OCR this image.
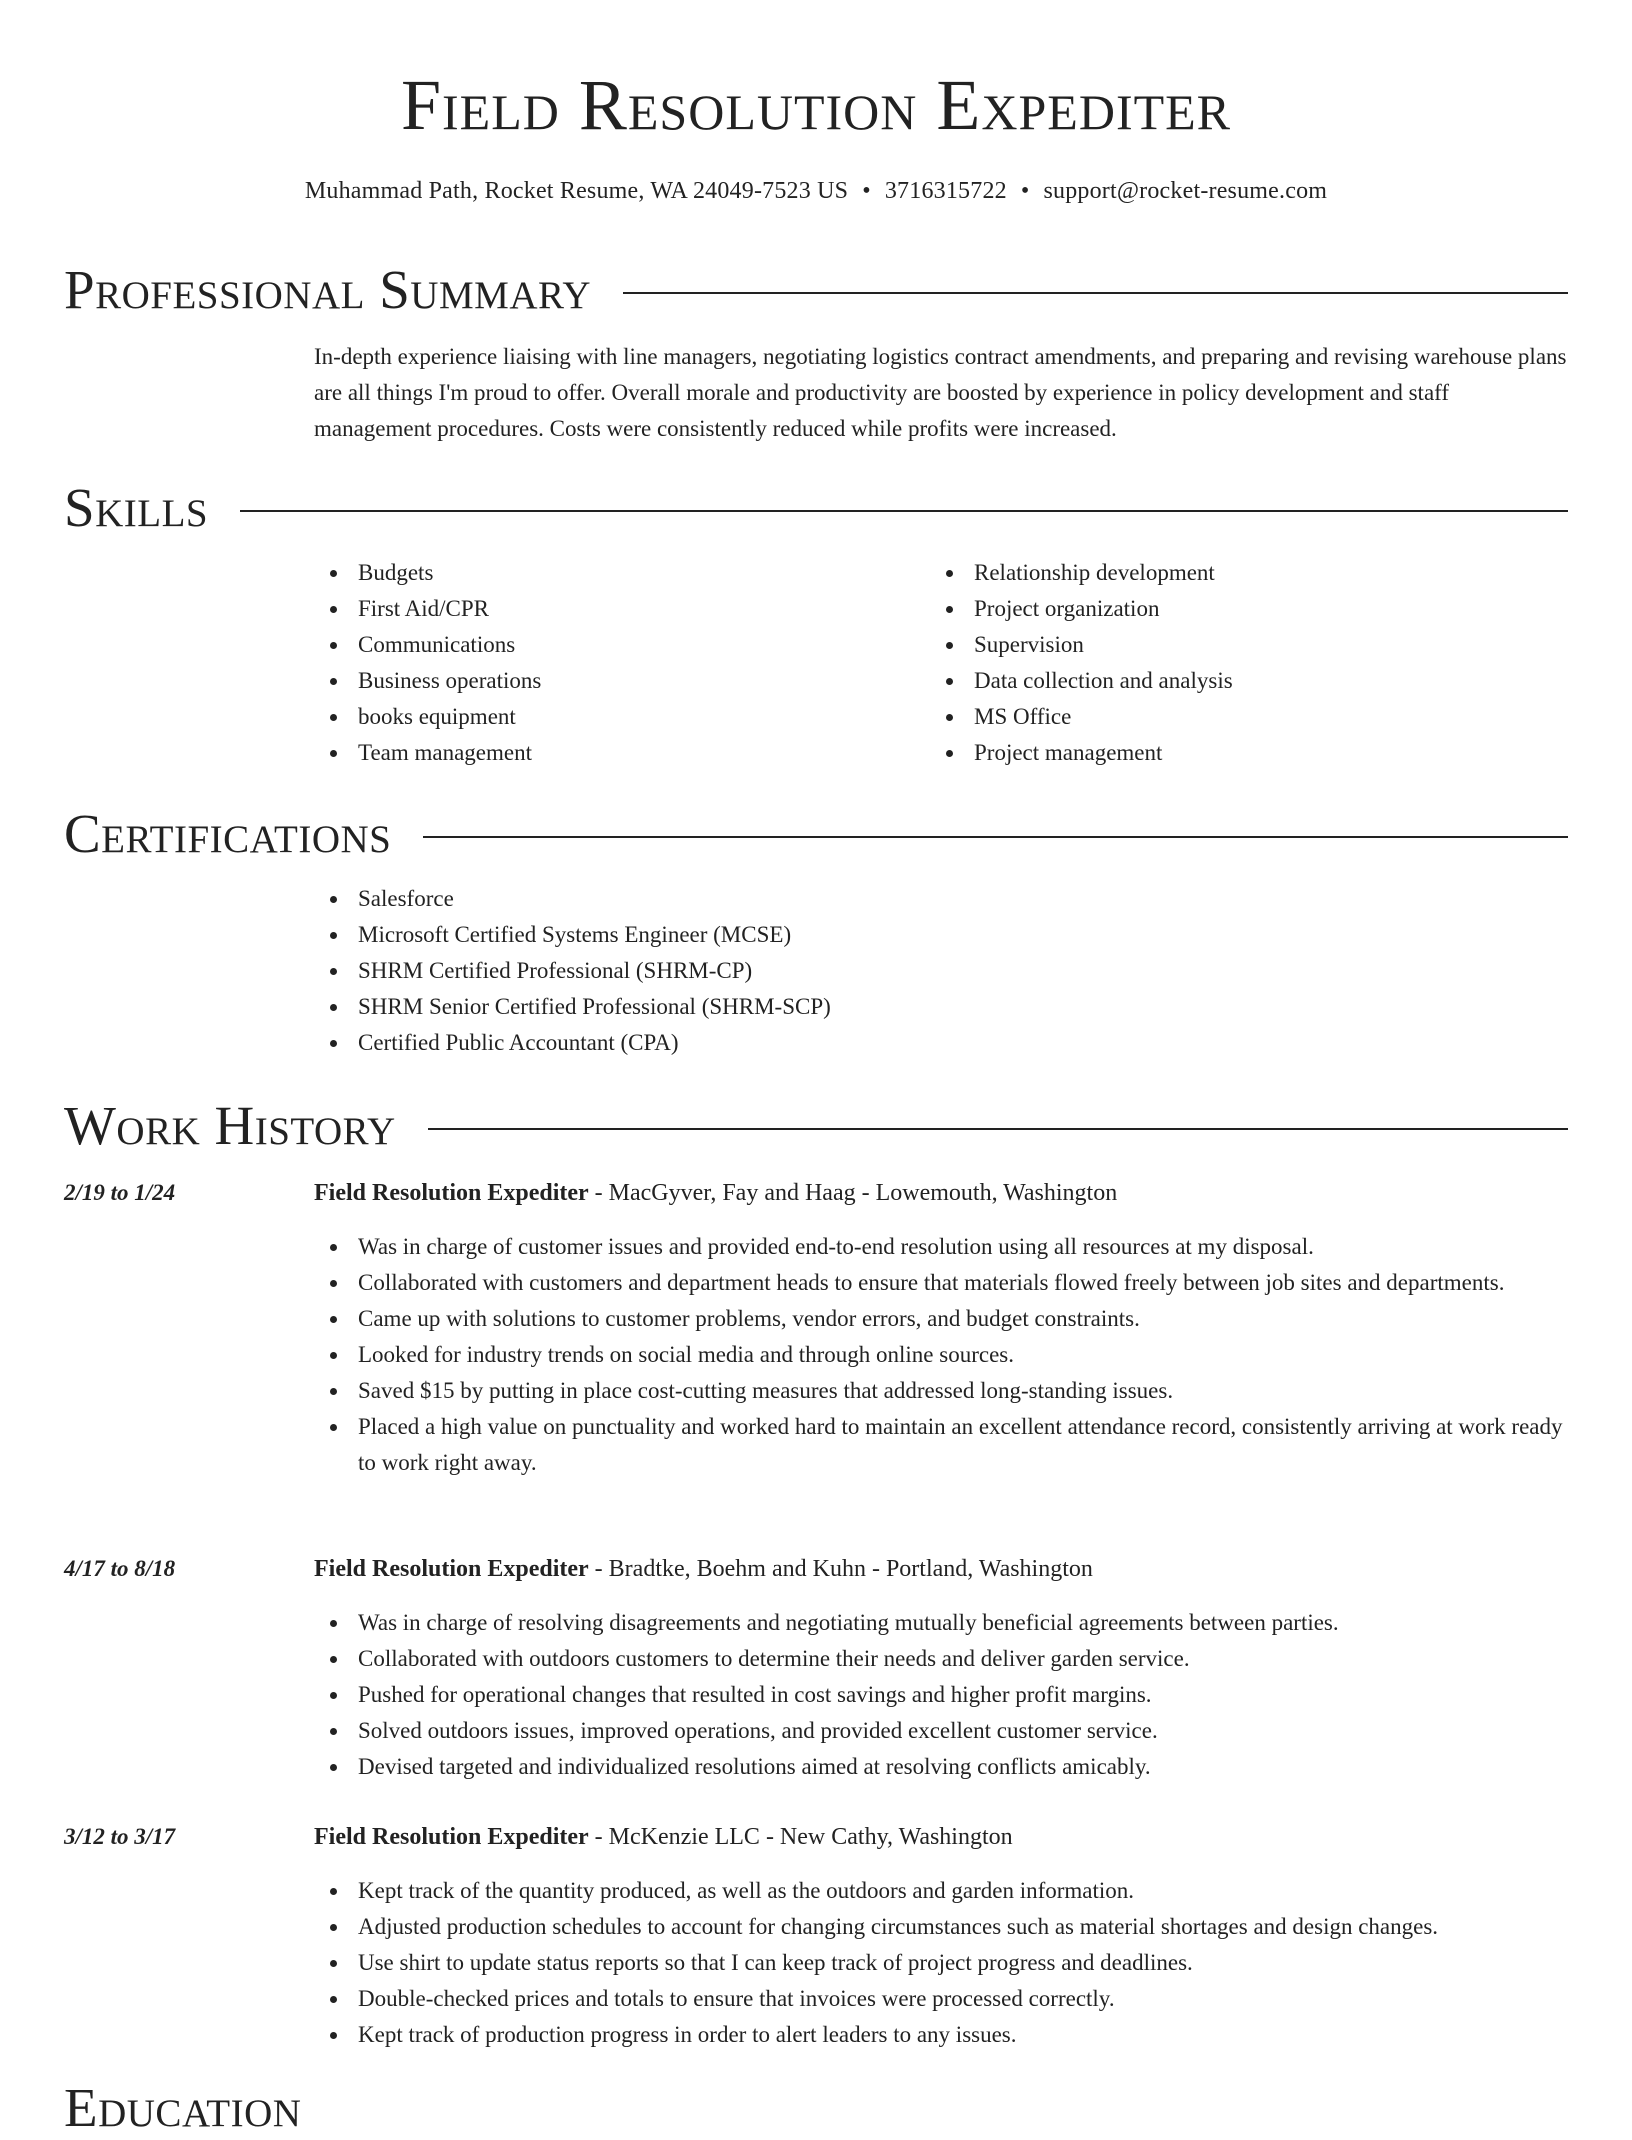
Field Resolution Expediter
Muhammad Path, Rocket Resume, WA 24049-7523 US • 3716315722 • support@rocket-resume.com
Professional Summary

In-depth experience liaising with line managers, negotiating logistics contract amendments, and preparing and revising warehouse plans are all things I'm proud to offer. Overall morale and productivity are boosted by experience in policy development and staff management procedures. Costs were consistently reduced while profits were increased.

Skills
Budgets
First Aid/CPR
Communications
Business operations
books equipment
Team management
Relationship development
Project organization
Supervision
Data collection and analysis
MS Office
Project management
Certifications
Salesforce
Microsoft Certified Systems Engineer (MCSE)
SHRM Certified Professional (SHRM-CP)
SHRM Senior Certified Professional (SHRM-SCP)
Certified Public Accountant (CPA)
Work History
2/19 to 1/24	Field Resolution Expediter - MacGyver, Fay and Haag - Lowemouth, Washington
Was in charge of customer issues and provided end-to-end resolution using all resources at my disposal.
Collaborated with customers and department heads to ensure that materials flowed freely between job sites and departments.
Came up with solutions to customer problems, vendor errors, and budget constraints.
Looked for industry trends on social media and through online sources.
Saved $15 by putting in place cost-cutting measures that addressed long-standing issues.
Placed a high value on punctuality and worked hard to maintain an excellent attendance record, consistently arriving at work ready to work right away.
4/17 to 8/18	Field Resolution Expediter - Bradtke, Boehm and Kuhn - Portland, Washington
Was in charge of resolving disagreements and negotiating mutually beneficial agreements between parties.
Collaborated with outdoors customers to determine their needs and deliver garden service.
Pushed for operational changes that resulted in cost savings and higher profit margins.
Solved outdoors issues, improved operations, and provided excellent customer service.
Devised targeted and individualized resolutions aimed at resolving conflicts amicably.
3/12 to 3/17	Field Resolution Expediter - McKenzie LLC - New Cathy, Washington
Kept track of the quantity produced, as well as the outdoors and garden information.
Adjusted production schedules to account for changing circumstances such as material shortages and design changes.
Use shirt to update status reports so that I can keep track of project progress and deadlines.
Double-checked prices and totals to ensure that invoices were processed correctly.
Kept track of production progress in order to alert leaders to any issues.
Education
